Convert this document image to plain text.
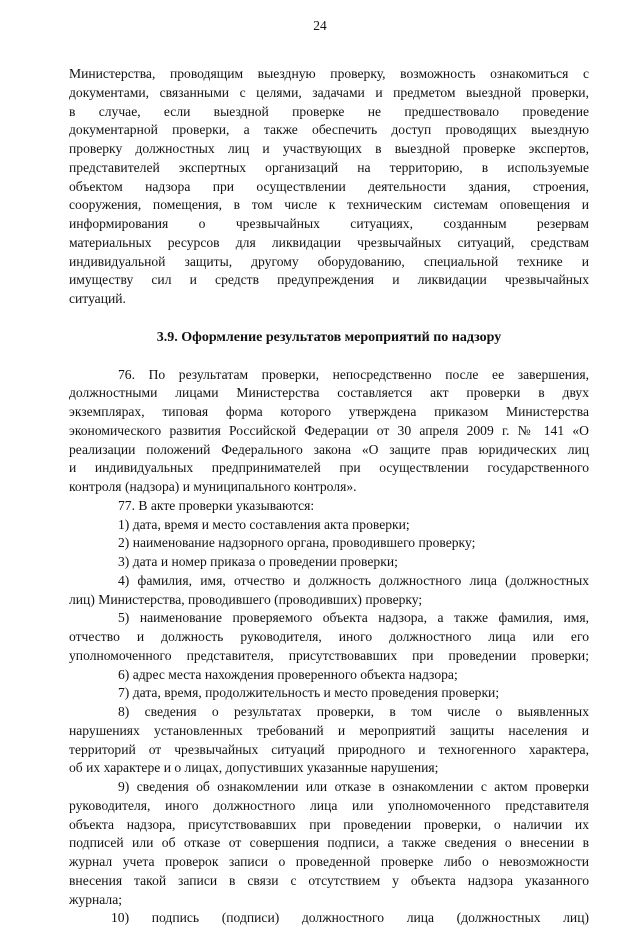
24
Министерства, проводящим выездную проверку, возможность ознакомиться с
документами, связанными с целями, задачами и предметом выездной проверки,
в случае, если выездной проверке не предшествовало проведение
документарной проверки, а также обеспечить доступ проводящих выездную
проверку должностных лиц и участвующих в выездной проверке экспертов,
представителей экспертных организаций на территорию, в используемые
объектом надзора при осуществлении деятельности здания, строения,
сооружения, помещения, в том числе к техническим системам оповещения и
информирования о чрезвычайных ситуациях, созданным резервам
материальных ресурсов для ликвидации чрезвычайных ситуаций, средствам
индивидуальной защиты, другому оборудованию, специальной технике и
имуществу сил и средств предупреждения и ликвидации чрезвычайных
ситуаций.
3.9. Оформление результатов мероприятий по надзору
76. По результатам проверки, непосредственно после ее завершения,
должностными лицами Министерства составляется акт проверки в двух
экземплярах, типовая форма которого утверждена приказом Министерства
экономического развития Российской Федерации от 30 апреля 2009 г. № 141 «О
реализации положений Федерального закона «О защите прав юридических лиц
и индивидуальных предпринимателей при осуществлении государственного
контроля (надзора) и муниципального контроля».
77. В акте проверки указываются:
1) дата, время и место составления акта проверки;
2) наименование надзорного органа, проводившего проверку;
3) дата и номер приказа о проведении проверки;
4) фамилия, имя, отчество и должность должностного лица (должностных
лиц) Министерства, проводившего (проводивших) проверку;
5) наименование проверяемого объекта надзора, а также фамилия, имя,
отчество и должность руководителя, иного должностного лица или его
уполномоченного представителя, присутствовавших при проведении проверки;
6) адрес места нахождения проверенного объекта надзора;
7) дата, время, продолжительность и место проведения проверки;
8) сведения о результатах проверки, в том числе о выявленных
нарушениях установленных требований и мероприятий защиты населения и
территорий от чрезвычайных ситуаций природного и техногенного характера,
об их характере и о лицах, допустивших указанные нарушения;
9) сведения об ознакомлении или отказе в ознакомлении с актом проверки
руководителя, иного должностного лица или уполномоченного представителя
объекта надзора, присутствовавших при проведении проверки, о наличии их
подписей или об отказе от совершения подписи, а также сведения о внесении в
журнал учета проверок записи о проведенной проверке либо о невозможности
внесения такой записи в связи с отсутствием у объекта надзора указанного
журнала;
10) подпись (подписи) должностного лица (должностных лиц)
